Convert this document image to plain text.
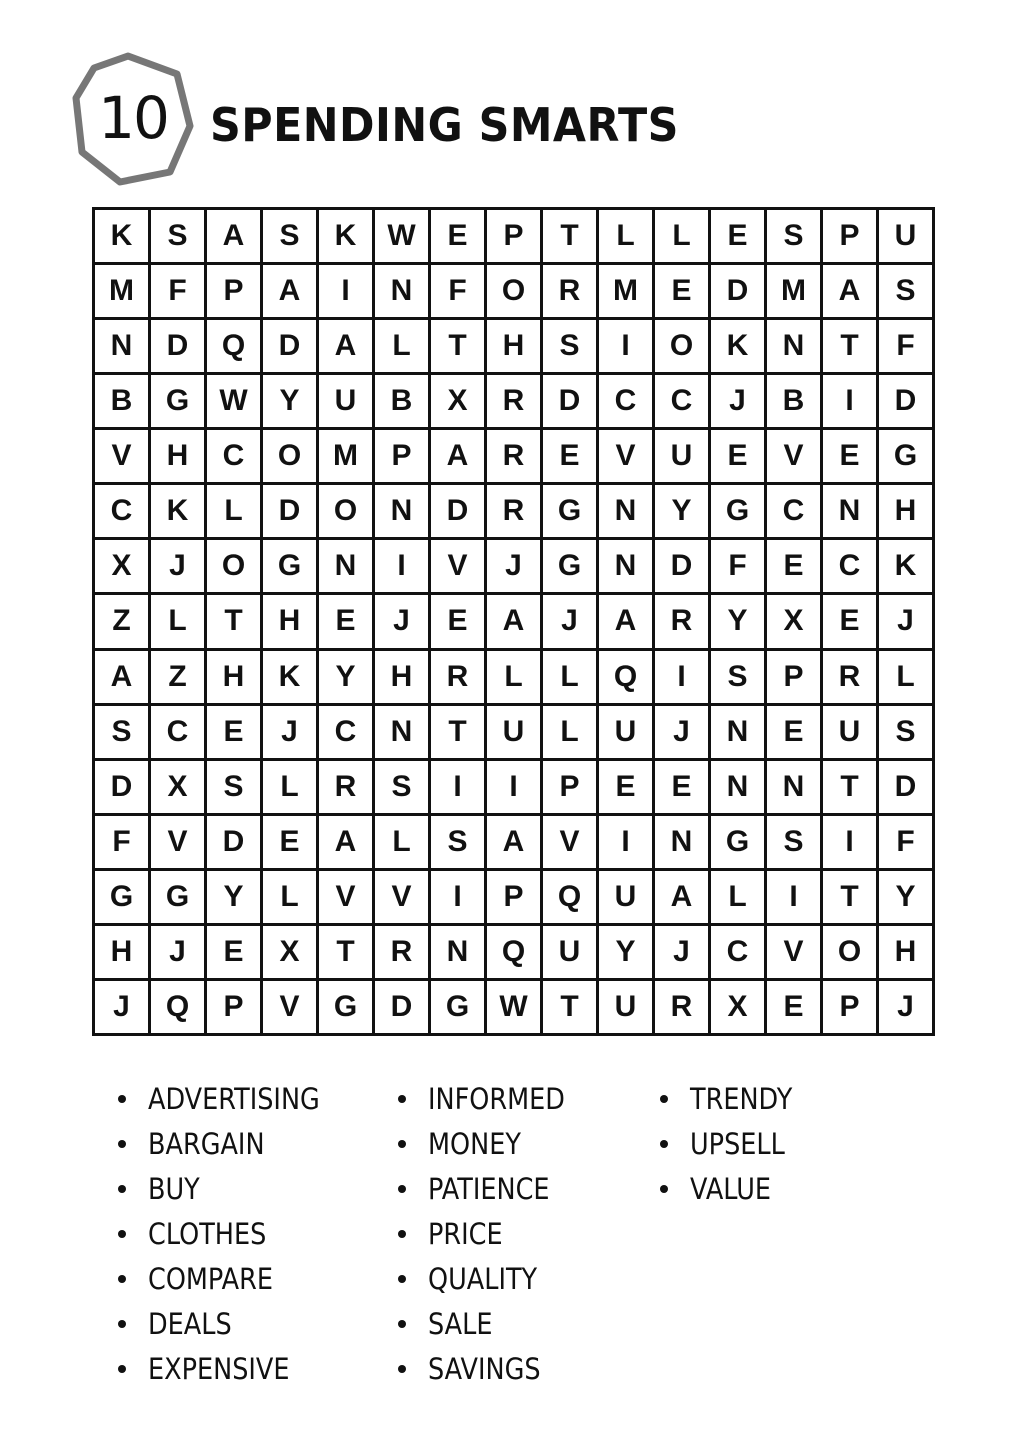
10 SPENDING SMARTS
K	S	A	S	K	W	E	P	T	L	L	E	S	P	U
M	F	P	A	I	N	F	O	R	M	E	D	M	A	S
N	D	Q	D	A	L	T	H	S	I	O	K	N	T	F
B	G	W	Y	U	B	X	R	D	C	C	J	B	I	D
V	H	C	O	M	P	A	R	E	V	U	E	V	E	G
C	K	L	D	O	N	D	R	G	N	Y	G	C	N	H
X	J	O	G	N	I	V	J	G	N	D	F	E	C	K
Z	L	T	H	E	J	E	A	J	A	R	Y	X	E	J
A	Z	H	K	Y	H	R	L	L	Q	I	S	P	R	L
S	C	E	J	C	N	T	U	L	U	J	N	E	U	S
D	X	S	L	R	S	I	I	P	E	E	N	N	T	D
F	V	D	E	A	L	S	A	V	I	N	G	S	I	F
G	G	Y	L	V	V	I	P	Q	U	A	L	I	T	Y
H	J	E	X	T	R	N	Q	U	Y	J	C	V	O	H
J	Q	P	V	G	D	G	W	T	U	R	X	E	P	J
ADVERTISING
BARGAIN
BUY
CLOTHES
COMPARE
DEALS
EXPENSIVE
INFORMED
MONEY
PATIENCE
PRICE
QUALITY
SALE
SAVINGS
TRENDY
UPSELL
VALUE
